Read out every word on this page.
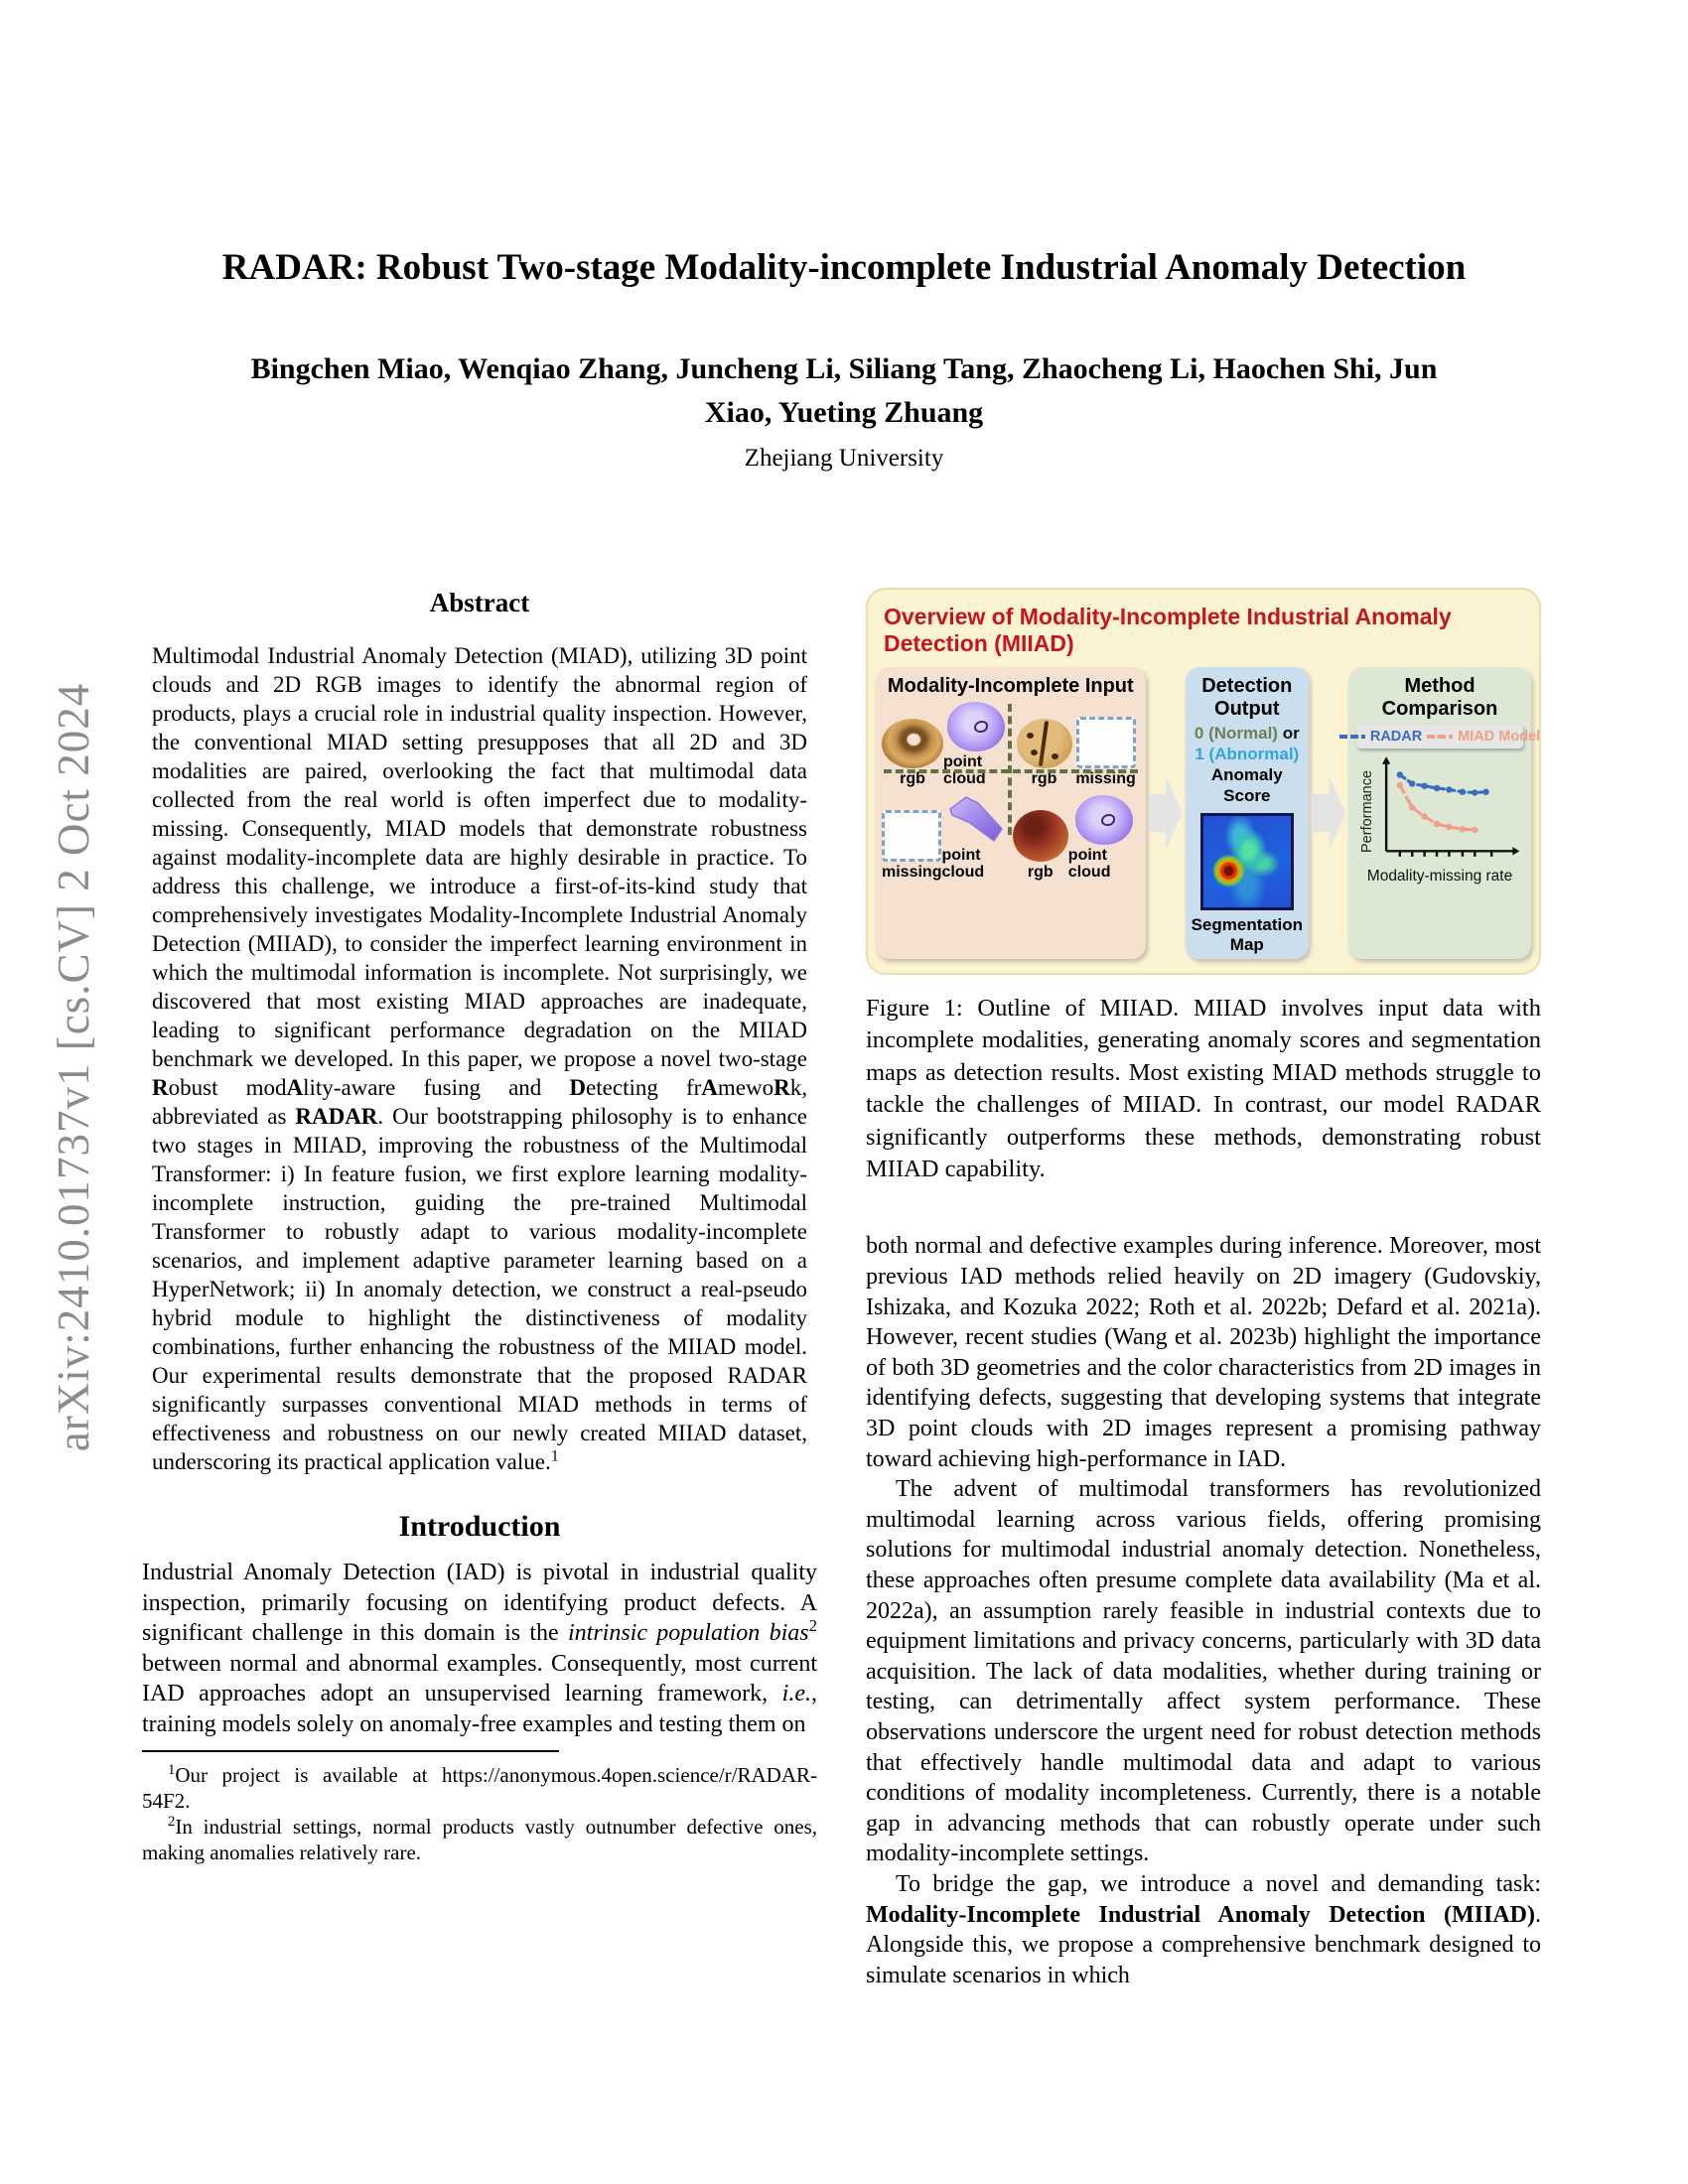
arXiv:2410.01737v1 [cs.CV] 2 Oct 2024
RADAR: Robust Two-stage Modality-incomplete Industrial Anomaly Detection
Bingchen Miao, Wenqiao Zhang, Juncheng Li, Siliang Tang, Zhaocheng Li, Haochen Shi, Jun
Xiao, Yueting Zhuang
Zhejiang University
Abstract

Multimodal Industrial Anomaly Detection (MIAD), utilizing 3D point clouds and 2D RGB images to identify the abnormal region of products, plays a crucial role in industrial quality inspection. However, the conventional MIAD setting presupposes that all 2D and 3D modalities are paired, overlooking the fact that multimodal data collected from the real world is often imperfect due to modality-missing. Consequently, MIAD models that demonstrate robustness against modality-incomplete data are highly desirable in practice. To address this challenge, we introduce a first-of-its-kind study that comprehensively investigates Modality-Incomplete Industrial Anomaly Detection (MIIAD), to consider the imperfect learning environment in which the multimodal information is incomplete. Not surprisingly, we discovered that most existing MIAD approaches are inadequate, leading to significant performance degradation on the MIIAD benchmark we developed. In this paper, we propose a novel two-stage Robust modAlity-aware fusing and Detecting frAmewoRk, abbreviated as RADAR. Our bootstrapping philosophy is to enhance two stages in MIIAD, improving the robustness of the Multimodal Transformer: i) In feature fusion, we first explore learning modality-incomplete instruction, guiding the pre-trained Multimodal Transformer to robustly adapt to various modality-incomplete scenarios, and implement adaptive parameter learning based on a HyperNetwork; ii) In anomaly detection, we construct a real-pseudo hybrid module to highlight the distinctiveness of modality combinations, further enhancing the robustness of the MIIAD model. Our experimental results demonstrate that the proposed RADAR significantly surpasses conventional MIAD methods in terms of effectiveness and robustness on our newly created MIIAD dataset, underscoring its practical application value.$^1$

Introduction

Industrial Anomaly Detection (IAD) is pivotal in industrial quality inspection, primarily focusing on identifying product defects. A significant challenge in this domain is the intrinsic population bias$^2$ between normal and abnormal examples. Consequently, most current IAD approaches adopt an unsupervised learning framework, i.e., training models solely on anomaly-free examples and testing them on

$^1$Our project is available at https://anonymous.4open.science/r/RADAR-54F2.

$^2$In industrial settings, normal products vastly outnumber defective ones, making anomalies relatively rare.

Overview of Modality-Incomplete Industrial Anomaly Detection (MIIAD)
Modality-Incomplete Input
rgb
point cloud	rgb missing
missing
point cloud	rgb
point cloud
Detection Output

0 (Normal) or

1 (Abnormal)

Anomaly Score

Segmentation Map
Method Comparison
RADAR MIAD Model
Performance
Modality-missing rate

Figure 1: Outline of MIIAD. MIIAD involves input data with incomplete modalities, generating anomaly scores and segmentation maps as detection results. Most existing MIAD methods struggle to tackle the challenges of MIIAD. In contrast, our model RADAR significantly outperforms these methods, demonstrating robust MIIAD capability.

both normal and defective examples during inference. Moreover, most previous IAD methods relied heavily on 2D imagery (Gudovskiy, Ishizaka, and Kozuka 2022; Roth et al. 2022b; Defard et al. 2021a). However, recent studies (Wang et al. 2023b) highlight the importance of both 3D geometries and the color characteristics from 2D images in identifying defects, suggesting that developing systems that integrate 3D point clouds with 2D images represent a promising pathway toward achieving high-performance in IAD.

The advent of multimodal transformers has revolutionized multimodal learning across various fields, offering promising solutions for multimodal industrial anomaly detection. Nonetheless, these approaches often presume complete data availability (Ma et al. 2022a), an assumption rarely feasible in industrial contexts due to equipment limitations and privacy concerns, particularly with 3D data acquisition. The lack of data modalities, whether during training or testing, can detrimentally affect system performance. These observations underscore the urgent need for robust detection methods that effectively handle multimodal data and adapt to various conditions of modality incompleteness. Currently, there is a notable gap in advancing methods that can robustly operate under such modality-incomplete settings.

To bridge the gap, we introduce a novel and demanding task: Modality-Incomplete Industrial Anomaly Detection (MIIAD). Alongside this, we propose a comprehensive benchmark designed to simulate scenarios in which
